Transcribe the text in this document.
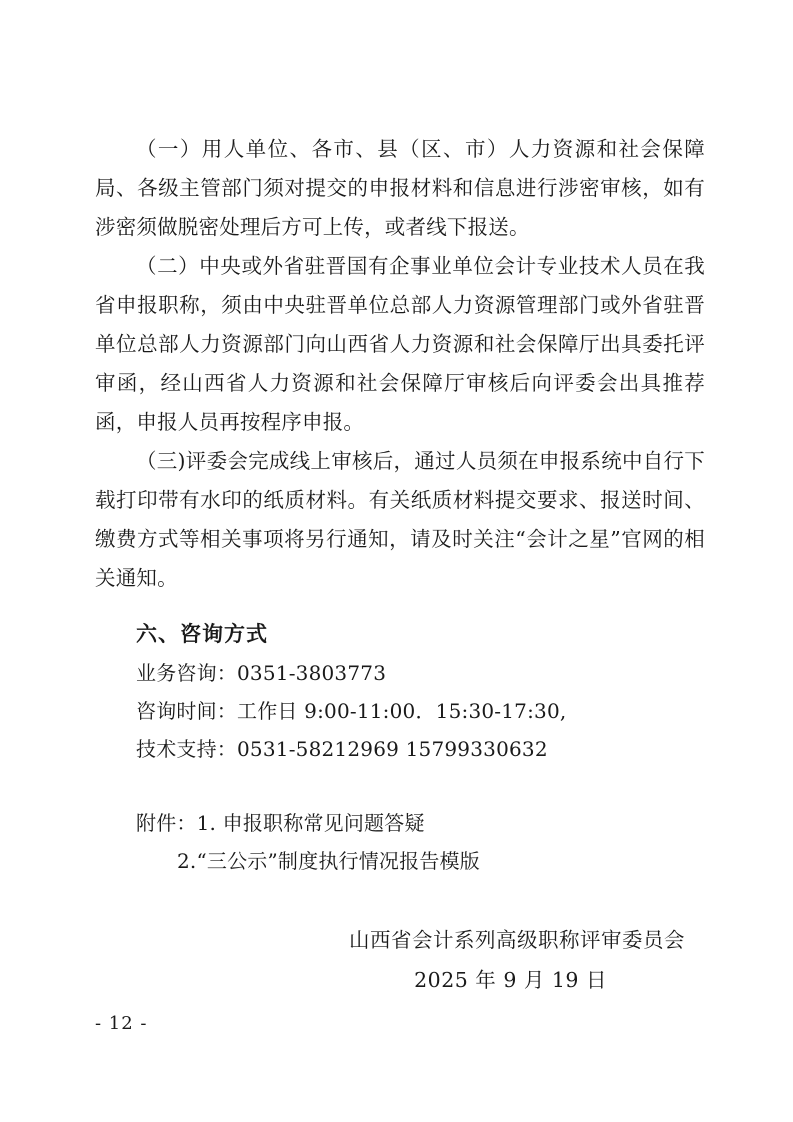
（一）用人单位、各市、县（区、市）人力资源和社会保障局、各级主管部门须对提交的申报材料和信息进行涉密审核，如有涉密须做脱密处理后方可上传，或者线下报送。

（二）中央或外省驻晋国有企事业单位会计专业技术人员在我省申报职称，须由中央驻晋单位总部人力资源管理部门或外省驻晋单位总部人力资源部门向山西省人力资源和社会保障厅出具委托评审函，经山西省人力资源和社会保障厅审核后向评委会出具推荐函，申报人员再按程序申报。

（三)评委会完成线上审核后，通过人员须在申报系统中自行下载打印带有水印的纸质材料。有关纸质材料提交要求、报送时间、缴费方式等相关事项将另行通知，请及时关注“会计之星”官网的相关通知。

六、咨询方式

业务咨询：0351-3803773

咨询时间：工作日 9:00-11:00．15:30-17:30,

技术支持：0531-58212969 15799330632

附件：1. 申报职称常见问题答疑

2.“三公示”制度执行情况报告模版

山西省会计系列高级职称评审委员会

2025 年 9 月 19 日

- 12 -
